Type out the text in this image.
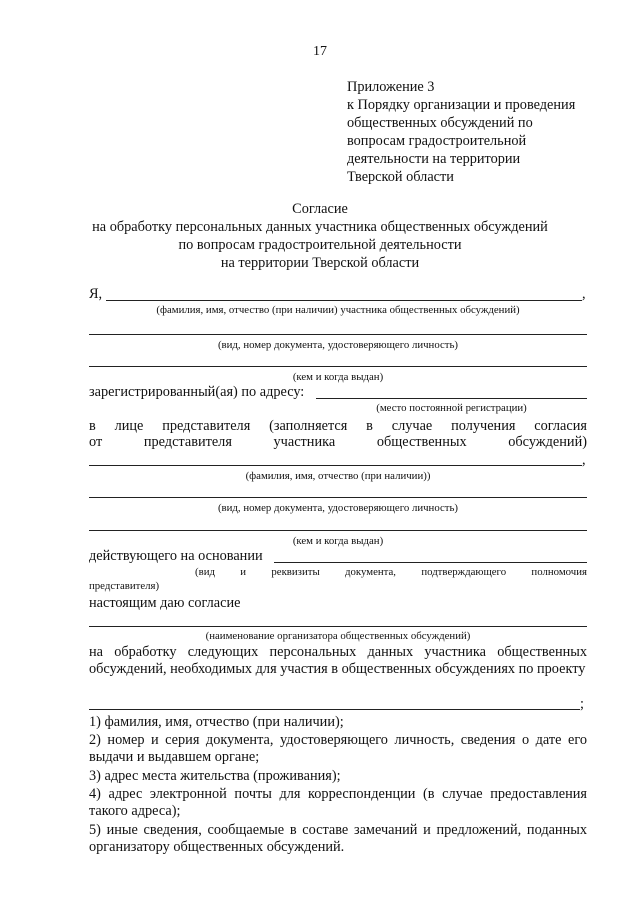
17
Приложение 3
к Порядку организации и проведения
общественных обсуждений по
вопросам градостроительной
деятельности на территории
Тверской области
Согласие
на обработку персональных данных участника общественных обсуждений
по вопросам градостроительной деятельности
на территории Тверской области
Я,	,
(фамилия, имя, отчество (при наличии) участника общественных обсуждений)
(вид, номер документа, удостоверяющего личность)
(кем и когда выдан)
зарегистрированный(ая) по адресу:
(место постоянной регистрации)
в лице представителя (заполняется в случае получения согласия
от	представителя	участника	общественных	обсуждений)
,
(фамилия, имя, отчество (при наличии))
(вид, номер документа, удостоверяющего личность)
(кем и когда выдан)
действующего на основании
(вид и реквизиты документа, подтверждающего полномочия
представителя)
настоящим даю согласие
(наименование организатора общественных обсуждений)
на обработку следующих персональных данных участника общественных обсуждений, необходимых для участия в общественных обсуждениях по проекту
;
1) фамилия, имя, отчество (при наличии);
2) номер и серия документа, удостоверяющего личность, сведения о дате его выдачи и выдавшем органе;
3) адрес места жительства (проживания);
4) адрес электронной почты для корреспонденции (в случае предоставления такого адреса);
5) иные сведения, сообщаемые в составе замечаний и предложений, поданных организатору общественных обсуждений.
